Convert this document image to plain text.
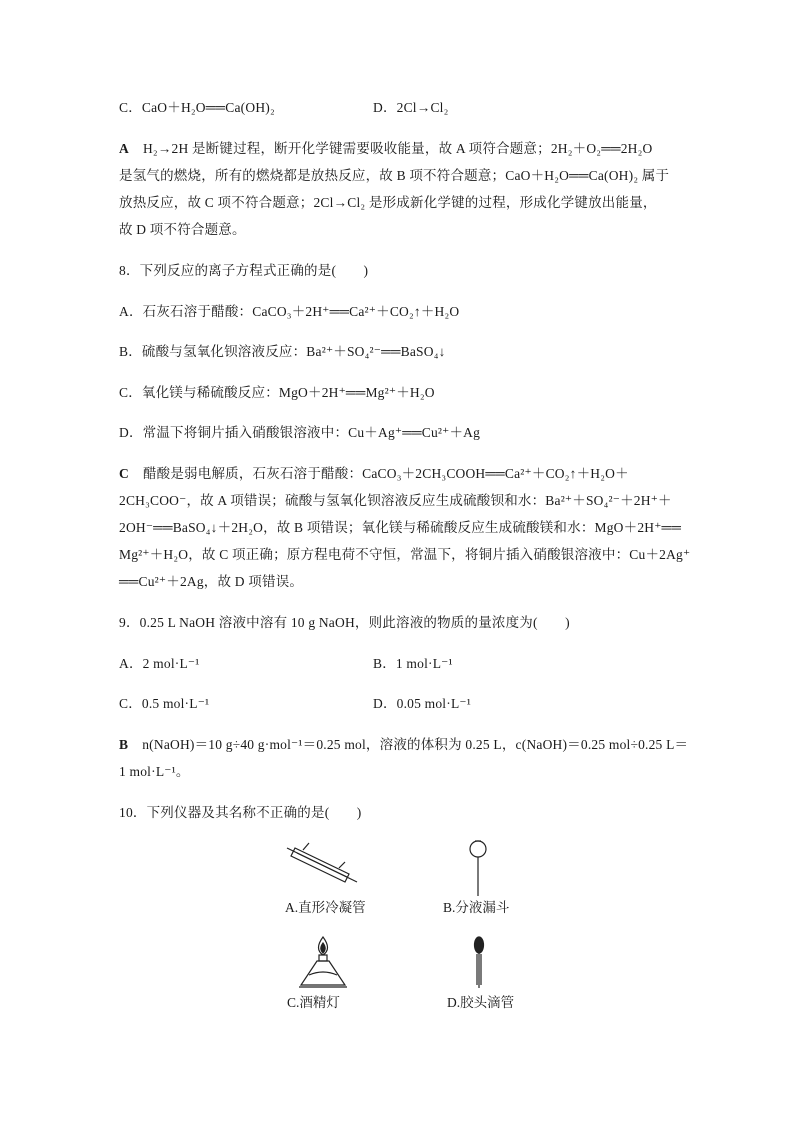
C．CaO＋H₂O══Ca(OH)₂	D．2Cl→Cl₂
A H₂→2H 是断键过程，断开化学键需要吸收能量，故 A 项符合题意；2H₂＋O₂══2H₂O
是氢气的燃烧，所有的燃烧都是放热反应，故 B 项不符合题意；CaO＋H₂O══Ca(OH)₂ 属于
放热反应，故 C 项不符合题意；2Cl→Cl₂ 是形成新化学键的过程，形成化学键放出能量，
故 D 项不符合题意。
8．下列反应的离子方程式正确的是(　　)
A．石灰石溶于醋酸：CaCO₃＋2H⁺══Ca²⁺＋CO₂↑＋H₂O
B．硫酸与氢氧化钡溶液反应：Ba²⁺＋SO₄²⁻══BaSO₄↓
C．氧化镁与稀硫酸反应：MgO＋2H⁺══Mg²⁺＋H₂O
D．常温下将铜片插入硝酸银溶液中：Cu＋Ag⁺══Cu²⁺＋Ag
C 醋酸是弱电解质，石灰石溶于醋酸：CaCO₃＋2CH₃COOH══Ca²⁺＋CO₂↑＋H₂O＋
2CH₃COO⁻，故 A 项错误；硫酸与氢氧化钡溶液反应生成硫酸钡和水：Ba²⁺＋SO₄²⁻＋2H⁺＋
2OH⁻══BaSO₄↓＋2H₂O，故 B 项错误；氧化镁与稀硫酸反应生成硫酸镁和水：MgO＋2H⁺══
Mg²⁺＋H₂O，故 C 项正确；原方程电荷不守恒，常温下，将铜片插入硝酸银溶液中：Cu＋2Ag⁺
══Cu²⁺＋2Ag，故 D 项错误。
9．0.25 L NaOH 溶液中溶有 10 g NaOH，则此溶液的物质的量浓度为(　　)
A．2 mol·L⁻¹	B．1 mol·L⁻¹
C．0.5 mol·L⁻¹	D．0.05 mol·L⁻¹
B n(NaOH)＝10 g÷40 g·mol⁻¹＝0.25 mol，溶液的体积为 0.25 L，c(NaOH)＝0.25 mol÷0.25 L＝
1 mol·L⁻¹。
10．下列仪器及其名称不正确的是(　　)
A.直形冷凝管	B.分液漏斗
C.酒精灯	D.胶头滴管
